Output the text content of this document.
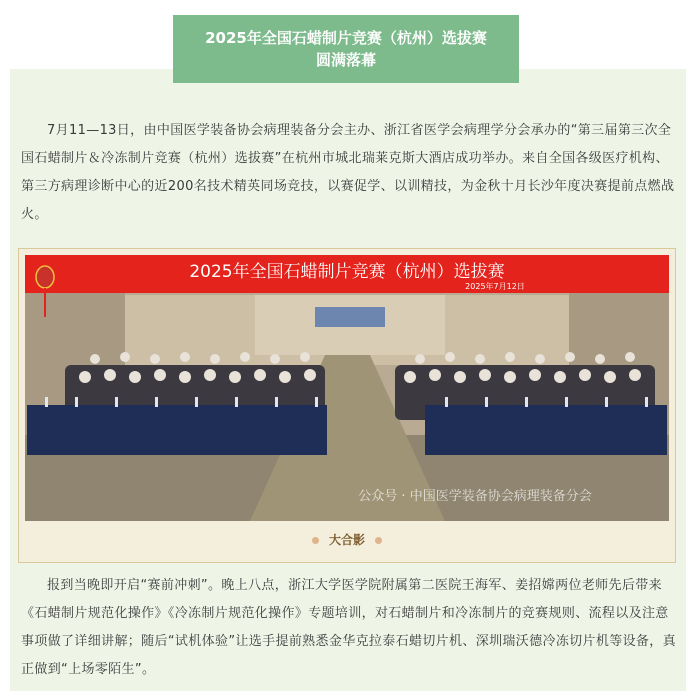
2025年全国石蜡制片竞赛（杭州）选拔赛
圆满落幕

7月11—13日，由中国医学装备协会病理装备分会主办、浙江省医学会病理学分会承办的“第三届第三次全国石蜡制片＆冷冻制片竞赛（杭州）选拔赛”在杭州市城北瑞莱克斯大酒店成功举办。来自全国各级医疗机构、第三方病理诊断中心的近200名技术精英同场竞技，以赛促学、以训精技，为金秋十月长沙年度决赛提前点燃战火。

2025年全国石蜡制片竞赛（杭州）选拔赛
2025年7月12日
公众号 · 中国医学装备协会病理装备分会
大合影

报到当晚即开启“赛前冲刺”。晚上八点，浙江大学医学院附属第二医院王海军、姜招嫦两位老师先后带来《石蜡制片规范化操作》《冷冻制片规范化操作》专题培训，对石蜡制片和冷冻制片的竞赛规则、流程以及注意事项做了详细讲解；随后“试机体验”让选手提前熟悉金华克拉泰石蜡切片机、深圳瑞沃德冷冻切片机等设备，真正做到“上场零陌生”。
